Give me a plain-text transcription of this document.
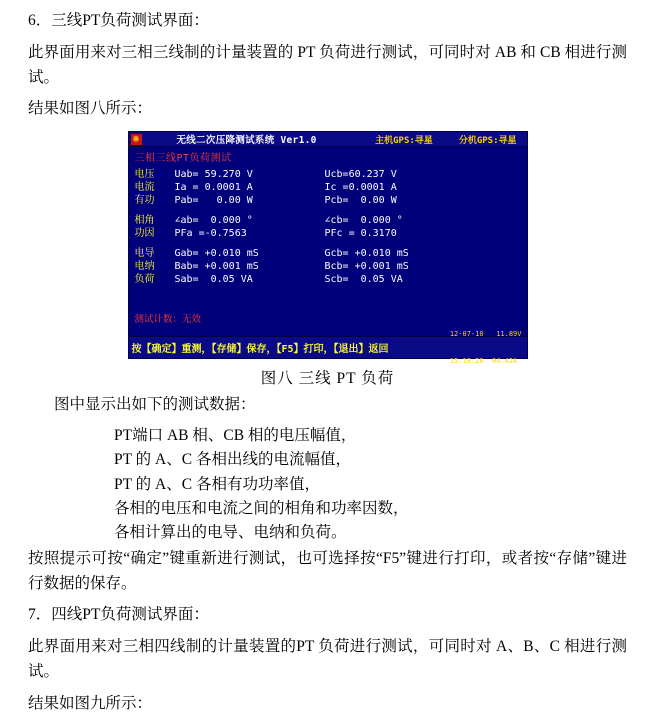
6．三线PT负荷测试界面：

此界面用来对三相三线制的计量装置的 PT 负荷进行测试，可同时对 AB 和 CB 相进行测试。

结果如图八所示：

※	无线二次压降测试系统 Ver1.0	主机GPS:寻星	分机GPS:寻星
三相三线PT负荷测试
电压	Uab= 59.270 V	Ucb=60.237 V
电流	Ia = 0.0001 A	Ic =0.0001 A
有功	Pab=   0.00 W	Pcb=  0.00 W
相角	∠ab=  0.000 °	∠cb=  0.000 °
功因	PFa =-0.7563	PFc = 0.3170
电导	Gab= +0.010 mS	Gcb= +0.010 mS
电纳	Bab= +0.001 mS	Bcb= +0.001 mS
负荷	Sab=  0.05 VA	Scb=  0.05 VA
测试计数：无效
按【确定】重测，【存储】保存，【F5】打印，【退出】返回

12-07-10   11.89V

15:18:28  04.42A

图八 三线 PT 负荷

图中显示出如下的测试数据：

PT端口 AB 相、CB 相的电压幅值，

PT 的 A、C 各相出线的电流幅值，

PT 的 A、C 各相有功功率值，

各相的电压和电流之间的相角和功率因数，

各相计算出的电导、电纳和负荷。

按照提示可按“确定”键重新进行测试，也可选择按“F5”键进行打印，或者按“存储”键进行数据的保存。

7．四线PT负荷测试界面：

此界面用来对三相四线制的计量装置的PT 负荷进行测试，可同时对 A、B、C 相进行测试。

结果如图九所示：
